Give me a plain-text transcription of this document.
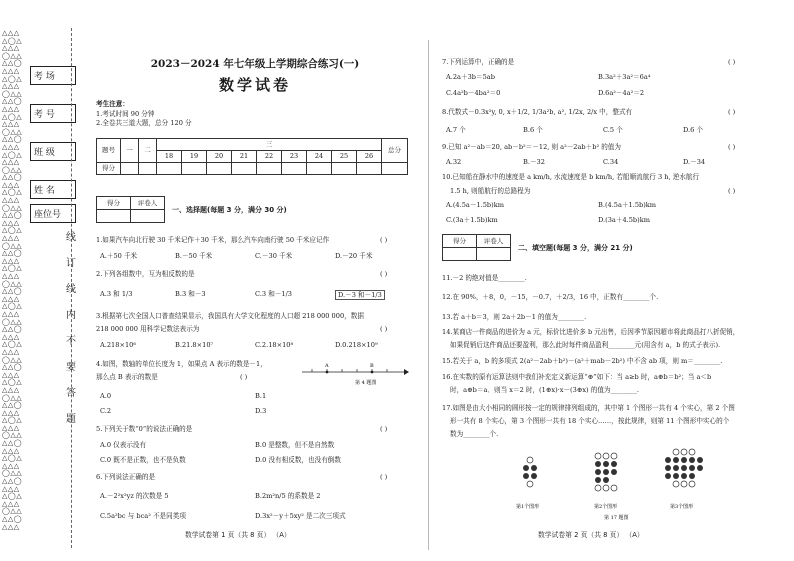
△△△
△◯△
△△△
◯△△
△△◯
△△△
△◯△
△△△
◯△△
△△◯
△△△
△◯△
△△△
◯△△
△△◯
△△△
△◯△
△△△
◯△△
△△◯
△△△
△◯△
△△△
◯△△
△△◯
△△△
△◯△
△△△
◯△△
△△◯
△△△
△◯△
△△△
◯△△
△△◯
△△△
△◯△
△△△
◯△△
△△◯
△△△
△◯△
△△△
◯△△
△△◯
△△△
△◯△
△△△
◯△△
△△◯
△△△
△◯△
△△△
◯△△
△△◯
△△△
△◯△
△△△
◯△△
△△◯
△△△
△◯△
△△△
◯△△
△△◯
△△△
考 场
考 号
班 级
姓 名
座位号
线
订
线
内
不
要
答
题
2023－2024 年七年级上学期综合练习(一)
数学试卷
考生注意：
1.考试时间 90 分钟
2.全卷共三道大题，总分 120 分
题号	一	二	三									总分
			18	19	20	21	22	23	24	25	26	
得分												
得分	评卷人

一、选择题(每题 3 分，满分 30 分)
1.如果汽车向北行驶 30 千米记作＋30 千米，那么汽车向南行驶 50 千米应记作	( )
A.＋50 千米	B.－50 千米	C.－30 千米	D.－20 千米
2.下列各组数中，互为相反数的是	( )
A.3 和 1/3	B.3 和－3	C.3 和－1/3	D.－3 和－1/3
3.根据第七次全国人口普查结果显示，我国具有大学文化程度的人口超 218 000 000，数据
218 000 000 用科学记数法表示为	( )
A.218×10⁶	B.21.8×10⁷	C.2.18×10⁸	D.0.218×10⁹
4.如图，数轴的单位长度为 1，如果点 A 表示的数是－1，
那么点 B 表示的数是	( )
A	B
第 4 题图
A.0	B.1
C.2	D.3
5.下列关于数“0”的说法正确的是	( )
A.0 仅表示没有	B.0 是整数，但不是自然数
C.0 既不是正数，也不是负数	D.0 没有相反数，也没有倒数
6.下列说法正确的是	( )
A.－2²x²yz 的次数是 5	B.2m²n/5 的系数是 2
C.5a²bc 与 bca² 不是同类项	D.3x²－y＋5xy² 是二次三项式
数学试卷第 1 页（共 8 页） （A）
7.下列运算中，正确的是	( )
A.2a＋3b＝5ab	B.3a²＋3a²＝6a⁴
C.4a²b－4ba²＝0	D.6a²－4a²＝2
8.代数式－0.3x²y, 0, x＋1/2, 1/3a²b, a², 1/2x, 2/x 中，整式有	( )
A.7 个	B.6 个	C.5 个	D.6 个
9.已知 a²－ab＝20, ab－b²＝－12, 则 a²－2ab＋b² 的值为	( )
A.32	B.－32	C.34	D.－34
10.已知船在静水中的速度是 a km/h, 水流速度是 b km/h, 若船顺流航行 3 h, 逆水航行
1.5 h, 则船航行的总路程为	( )
A.(4.5a－1.5b)km	B.(4.5a＋1.5b)km
C.(3a＋1.5b)km	D.(3a＋4.5b)km
得分	评卷人

二、填空题(每题 3 分，满分 21 分)
11.－2 的绝对值是________.
12.在 90%，＋8，0，－15，－0.7，＋2/3，16 中，正数有________个.
13.若 a＋b＝3，则 2a＋2b－1 的值为________.
14.某商店一件商品的进价为 a 元，标价比进价多 b 元出售，后因季节原因超市将此商品打八折促销，
如果促销后这件商品还要盈利，那么此时每件商品盈利________元(用含有 a，b 的式子表示).
15.若关于 a，b 的多项式 2(a²－2ab＋b²)－(a²＋mab－2b²) 中不含 ab 项，则 m＝________.
16.在实数的原有运算法则中我们补充定义新运算“⊕”如下：当 a≥b 时，a⊕b＝b²；当 a＜b
时，a⊕b＝a．则当 x＝2 时，(1⊕x)·x－(3⊕x) 的值为________.
17.如图是由大小相同的圆形按一定的规律排列组成的，其中第 1 个图形一共有 4 个实心，第 2 个图
形一共有 8 个实心，第 3 个图形一共有 18 个实心……，按此规律，则第 11 个图形中实心的个
数为________个.
第1个图形	第2个图形	第3个图形
第 17 题图
数学试卷第 2 页（共 8 页） （A）
